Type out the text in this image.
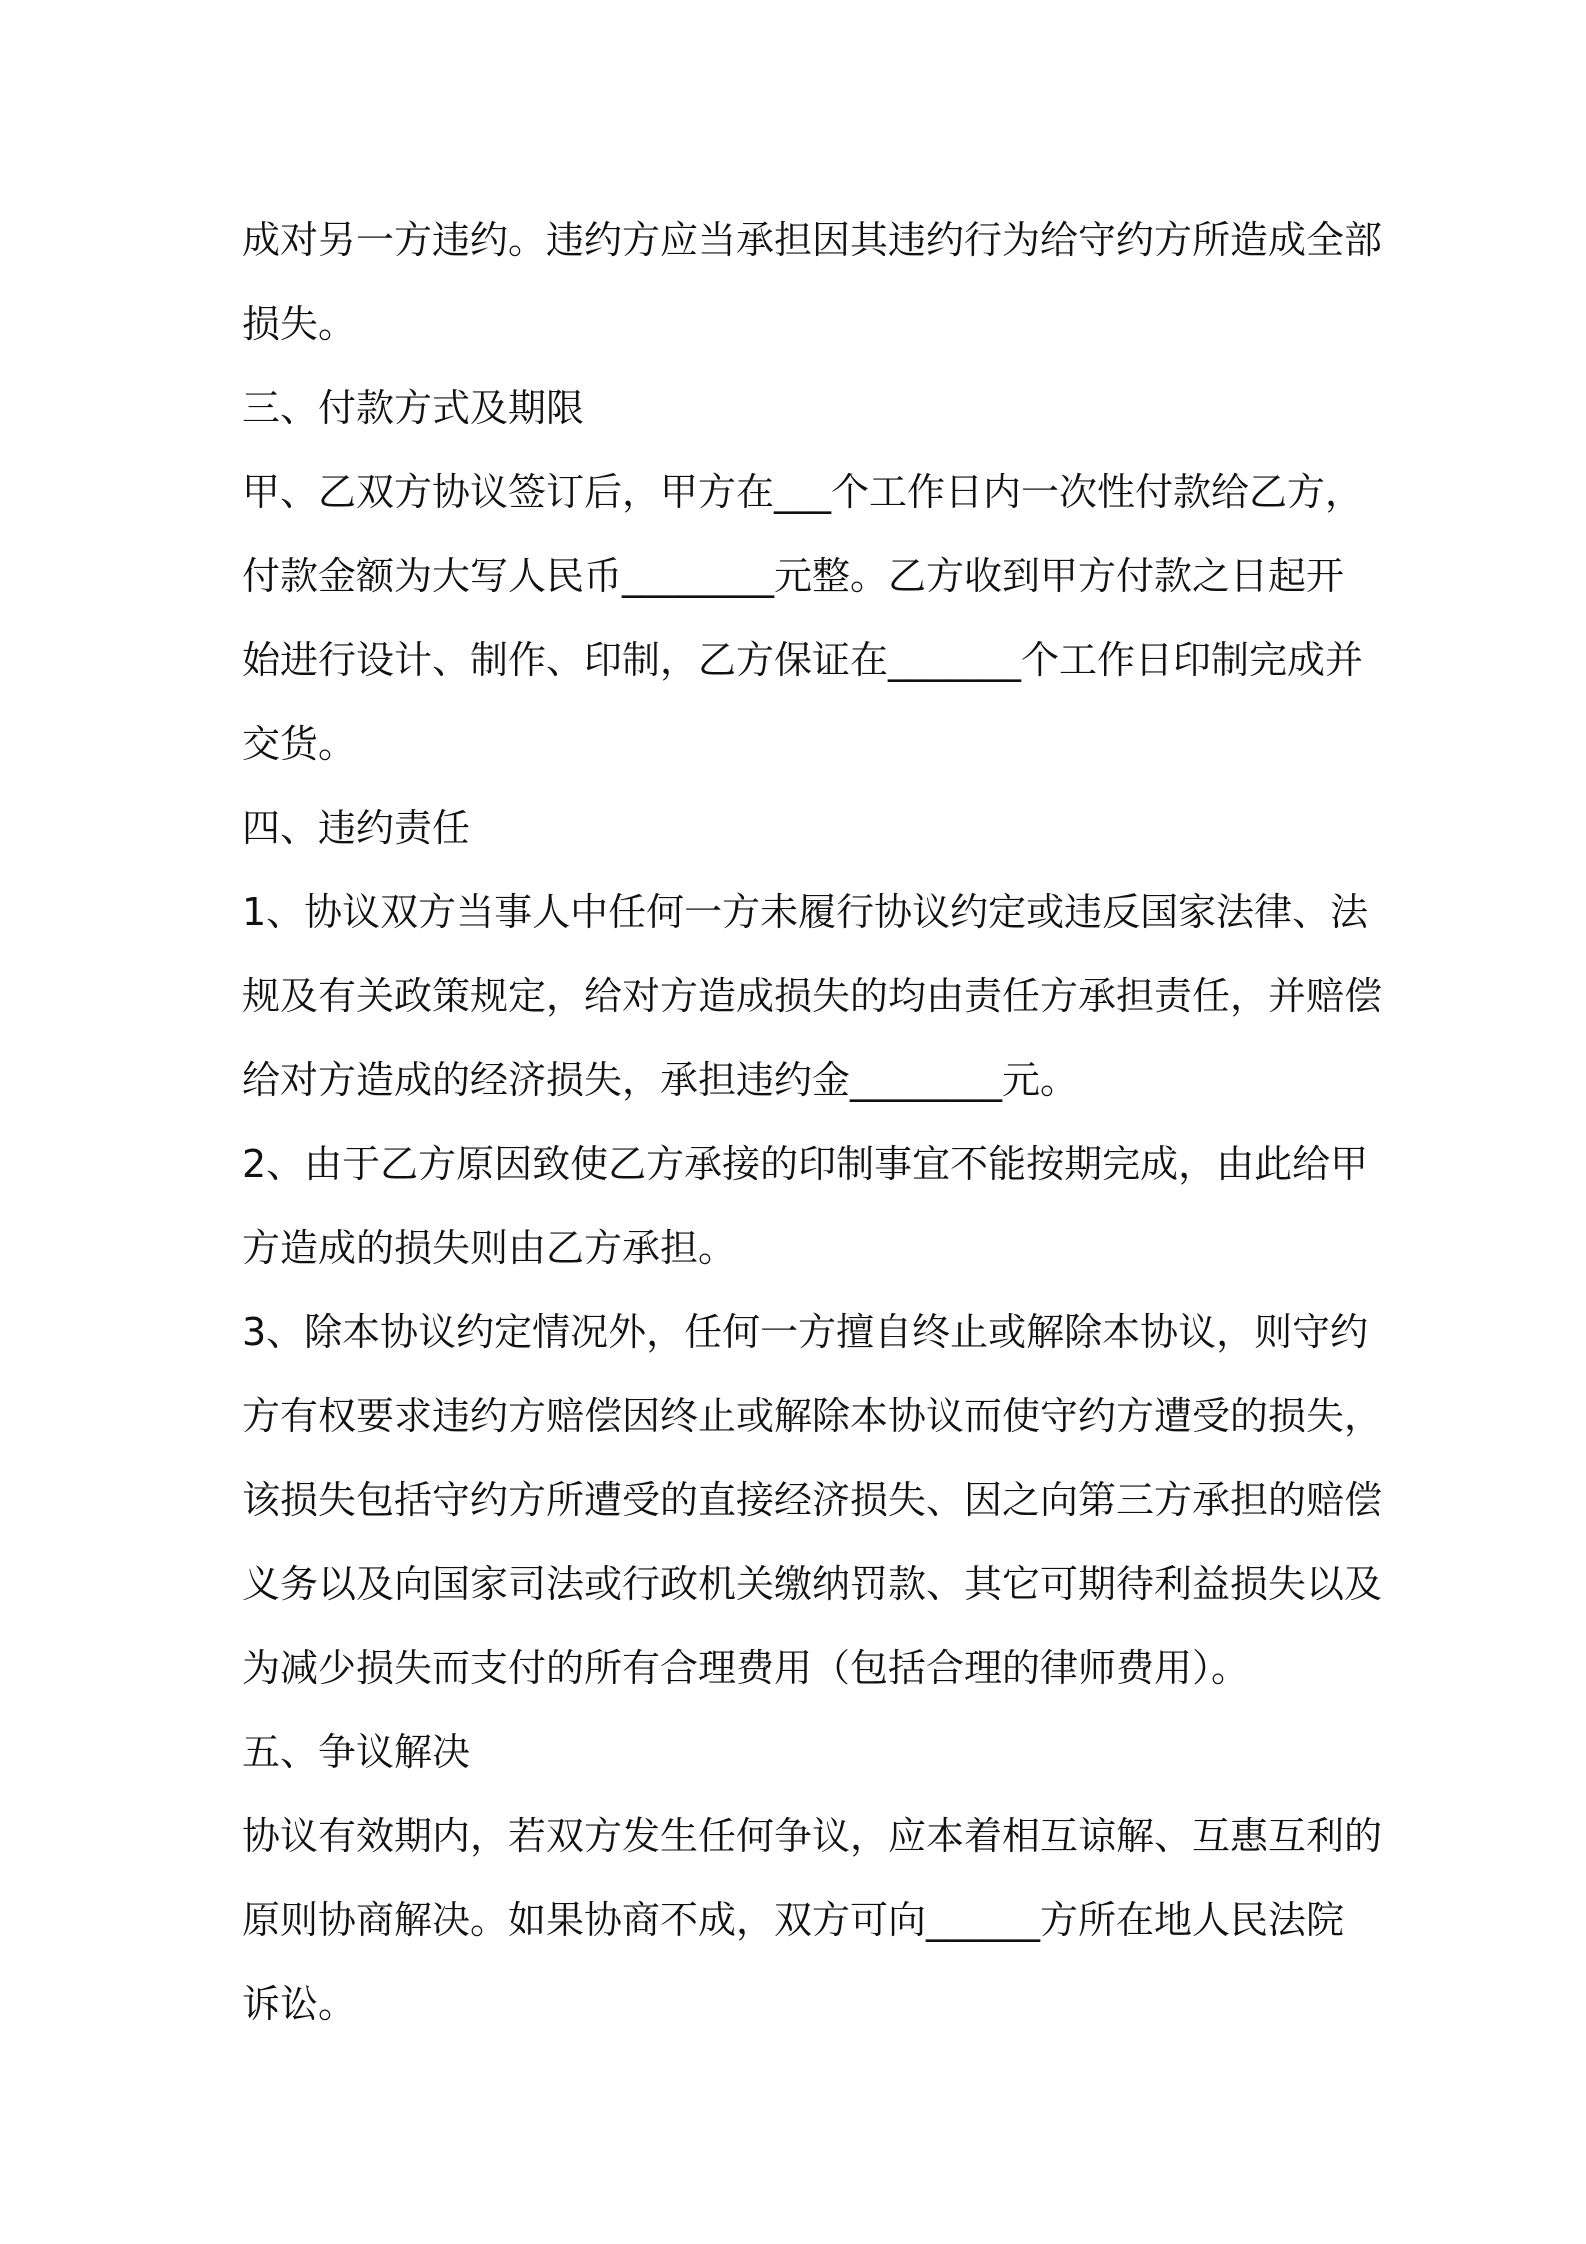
成对另一方违约。违约方应当承担因其违约行为给守约方所造成全部
损失。
三、付款方式及期限
甲、乙双方协议签订后，甲方在___个工作日内一次性付款给乙方，
付款金额为大写人民币________元整。乙方收到甲方付款之日起开
始进行设计、制作、印制，乙方保证在_______个工作日印制完成并
交货。
四、违约责任
1、协议双方当事人中任何一方未履行协议约定或违反国家法律、法
规及有关政策规定，给对方造成损失的均由责任方承担责任，并赔偿
给对方造成的经济损失，承担违约金________元。
2、由于乙方原因致使乙方承接的印制事宜不能按期完成，由此给甲
方造成的损失则由乙方承担。
3、除本协议约定情况外，任何一方擅自终止或解除本协议，则守约
方有权要求违约方赔偿因终止或解除本协议而使守约方遭受的损失，
该损失包括守约方所遭受的直接经济损失、因之向第三方承担的赔偿
义务以及向国家司法或行政机关缴纳罚款、其它可期待利益损失以及
为减少损失而支付的所有合理费用（包括合理的律师费用）。
五、争议解决
协议有效期内，若双方发生任何争议，应本着相互谅解、互惠互利的
原则协商解决。如果协商不成，双方可向______方所在地人民法院
诉讼。
